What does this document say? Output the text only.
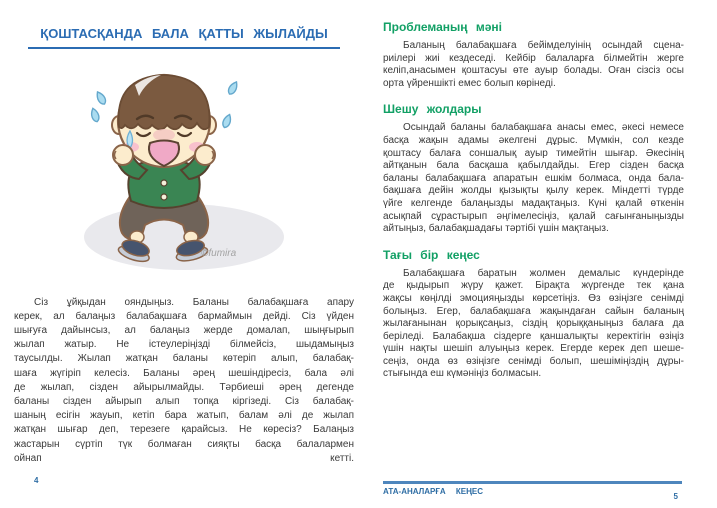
ҚОШТАСҚАНДА БАЛА ҚАТТЫ ЖЫЛАЙДЫ
©fumira
Сіз ұйқыдан ояндыңыз. Баланы балабақшаға апару
керек, ал балаңыз балабақшаға бармаймын дейді. Сіз үйден
шығуға дайынсыз, ал балаңыз жерде домалап, шыңғырып
жылап жатыр. Не істеулеріңізді білмейсіз, шыдамыңыз
таусылды. Жылап жатқан баланы көтеріп алып, балабақ-
шаға жүгіріп келесіз. Баланы әрең шешіндіресіз, бала әлі
де жылап, сізден айырылмайды. Тәрбиеші әрең дегенде
баланы сізден айырып алып топқа кіргізеді. Сіз балабақ-
шаның есігін жауып, кетіп бара жатып, балам әлі де жылап
жатқан шығар деп, терезеге қарайсыз. Не көресіз? Балаңыз
жастарын сүртіп түк болмаған сияқты басқа балалармен
ойнап кетті.
4
Проблеманың мәні
Баланың балабақшаға бейімделуінің осындай сцена-
риілері жиі кездеседі. Кейбір балаларға білмейтін жерге
келіп,анасымен қоштасуы өте ауыр болады. Оған сізсіз осы
орта үйреншікті емес болып көрінеді.
Шешу жолдары
Осындай баланы балабақшаға анасы емес, әкесі немесе
басқа жақын адамы әкелгені дұрыс. Мүмкін, сол кезде
қоштасу балаға соншалық ауыр тимейтін шығар. Әкесінің
айтқанын бала басқаша қабылдайды. Егер сізден басқа
баланы балабақшаға апаратын ешкім болмаса, онда бала-
бақшаға дейін жолды қызықты қылу керек. Міндетті түрде
үйге келгенде балаңызды мадақтаңыз. Күні қалай өткенін
асықпай сұрастырып әңгімелесіңіз, қалай сағынғаныңызды
айтыңыз, балабақшадағы тәртібі үшін мақтаңыз.
Тағы бір кеңес
Балабақшаға баратын жолмен демалыс күндерінде
де қыдырып жүру қажет. Бірақта жүргенде тек қана
жақсы көңілді эмоцияңызды көрсетіңіз. Өз өзіңізге сенімді
болыңыз. Егер, балабақшаға жақындаған сайын баланың
жылағанынан қорықсаңыз, сіздің қорыққаныңыз балаға да
беріледі. Балабақша сіздерге қаншалықты керектігін өзіңіз
үшін нақты шешіп алуыңыз керек. Егерде керек деп шеше-
сеңіз, онда өз өзіңізге сенімді болып, шешіміңіздің дұры-
стығында еш күмәніңіз болмасын.
АТА-АНАЛАРҒА КЕҢЕС
5
